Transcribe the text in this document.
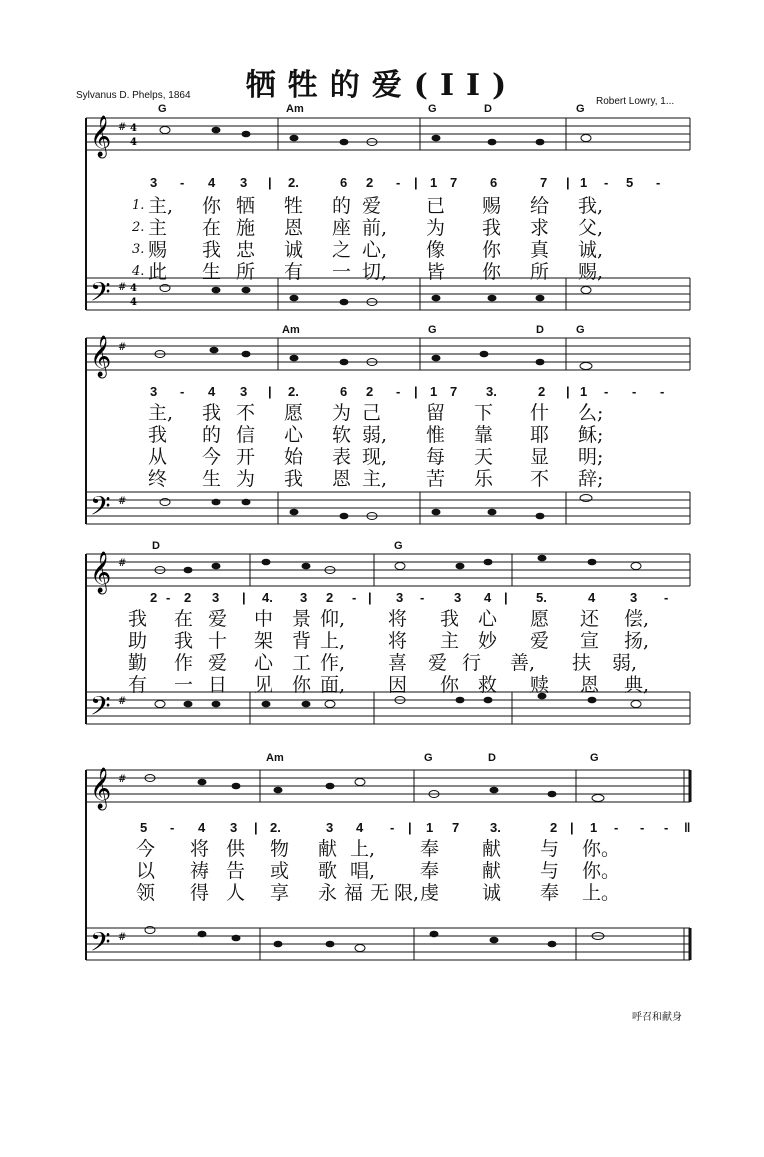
牺牲的爱(II)
Sylvanus D. Phelps, 1864
Robert Lowry, 1...
𝄞
𝄢
#
#
4
4
4
4
G	Am	G	D	G
3 - 4 3 | 2.	6 2 - | 1 7	6	7 | 1 - 5 -
1. 主, 你 牺 牲 的 爱 已 赐 给 我,
2. 主 在 施 恩 座 前, 为 我 求 父,
3. 赐 我 忠 诚 之 心, 像 你 真 诚,
4. 此 生 所 有 一 切, 皆 你 所 赐,
𝄞
𝄢
#
#
Am	G	D	G
3 - 4 3 | 2.	6 2 - | 1 7 3.	2 | 1 - - -
主, 我 不 愿 为 己 留 下 什 么;
我 的 信 心 软 弱, 惟 靠 耶 稣;
从 今 开 始 表 现, 每 天 显 明;
终 生 为 我 恩 主, 苦 乐 不 辞;
𝄞
𝄢
#
#
D	G
2 - 2 3 | 4. 3 2 - | 3 - 3 4 | 5.	4	3 -
我 在 爱 中 景 仰, 将 我 心 愿 还 偿,
助 我 十 架 背 上, 将 主 妙 爱 宣 扬,
勤 作 爱 心 工 作, 喜 爱 行 善, 扶 弱,
有 一 日 见 你 面, 因 你 救 赎 恩 典,
𝄞
𝄢
#
#
Am	G	D	G
5 - 4 3 | 2.	3 4 - | 1 7 3.	2 | 1 - - - ‖
今 将 供 物 献 上, 奉 献 与 你。
以 祷 告 或 歌 唱, 奉 献 与 你。
领 得 人 享 永 福 无 限, 虔 诚 奉 上。
呼召和献身
